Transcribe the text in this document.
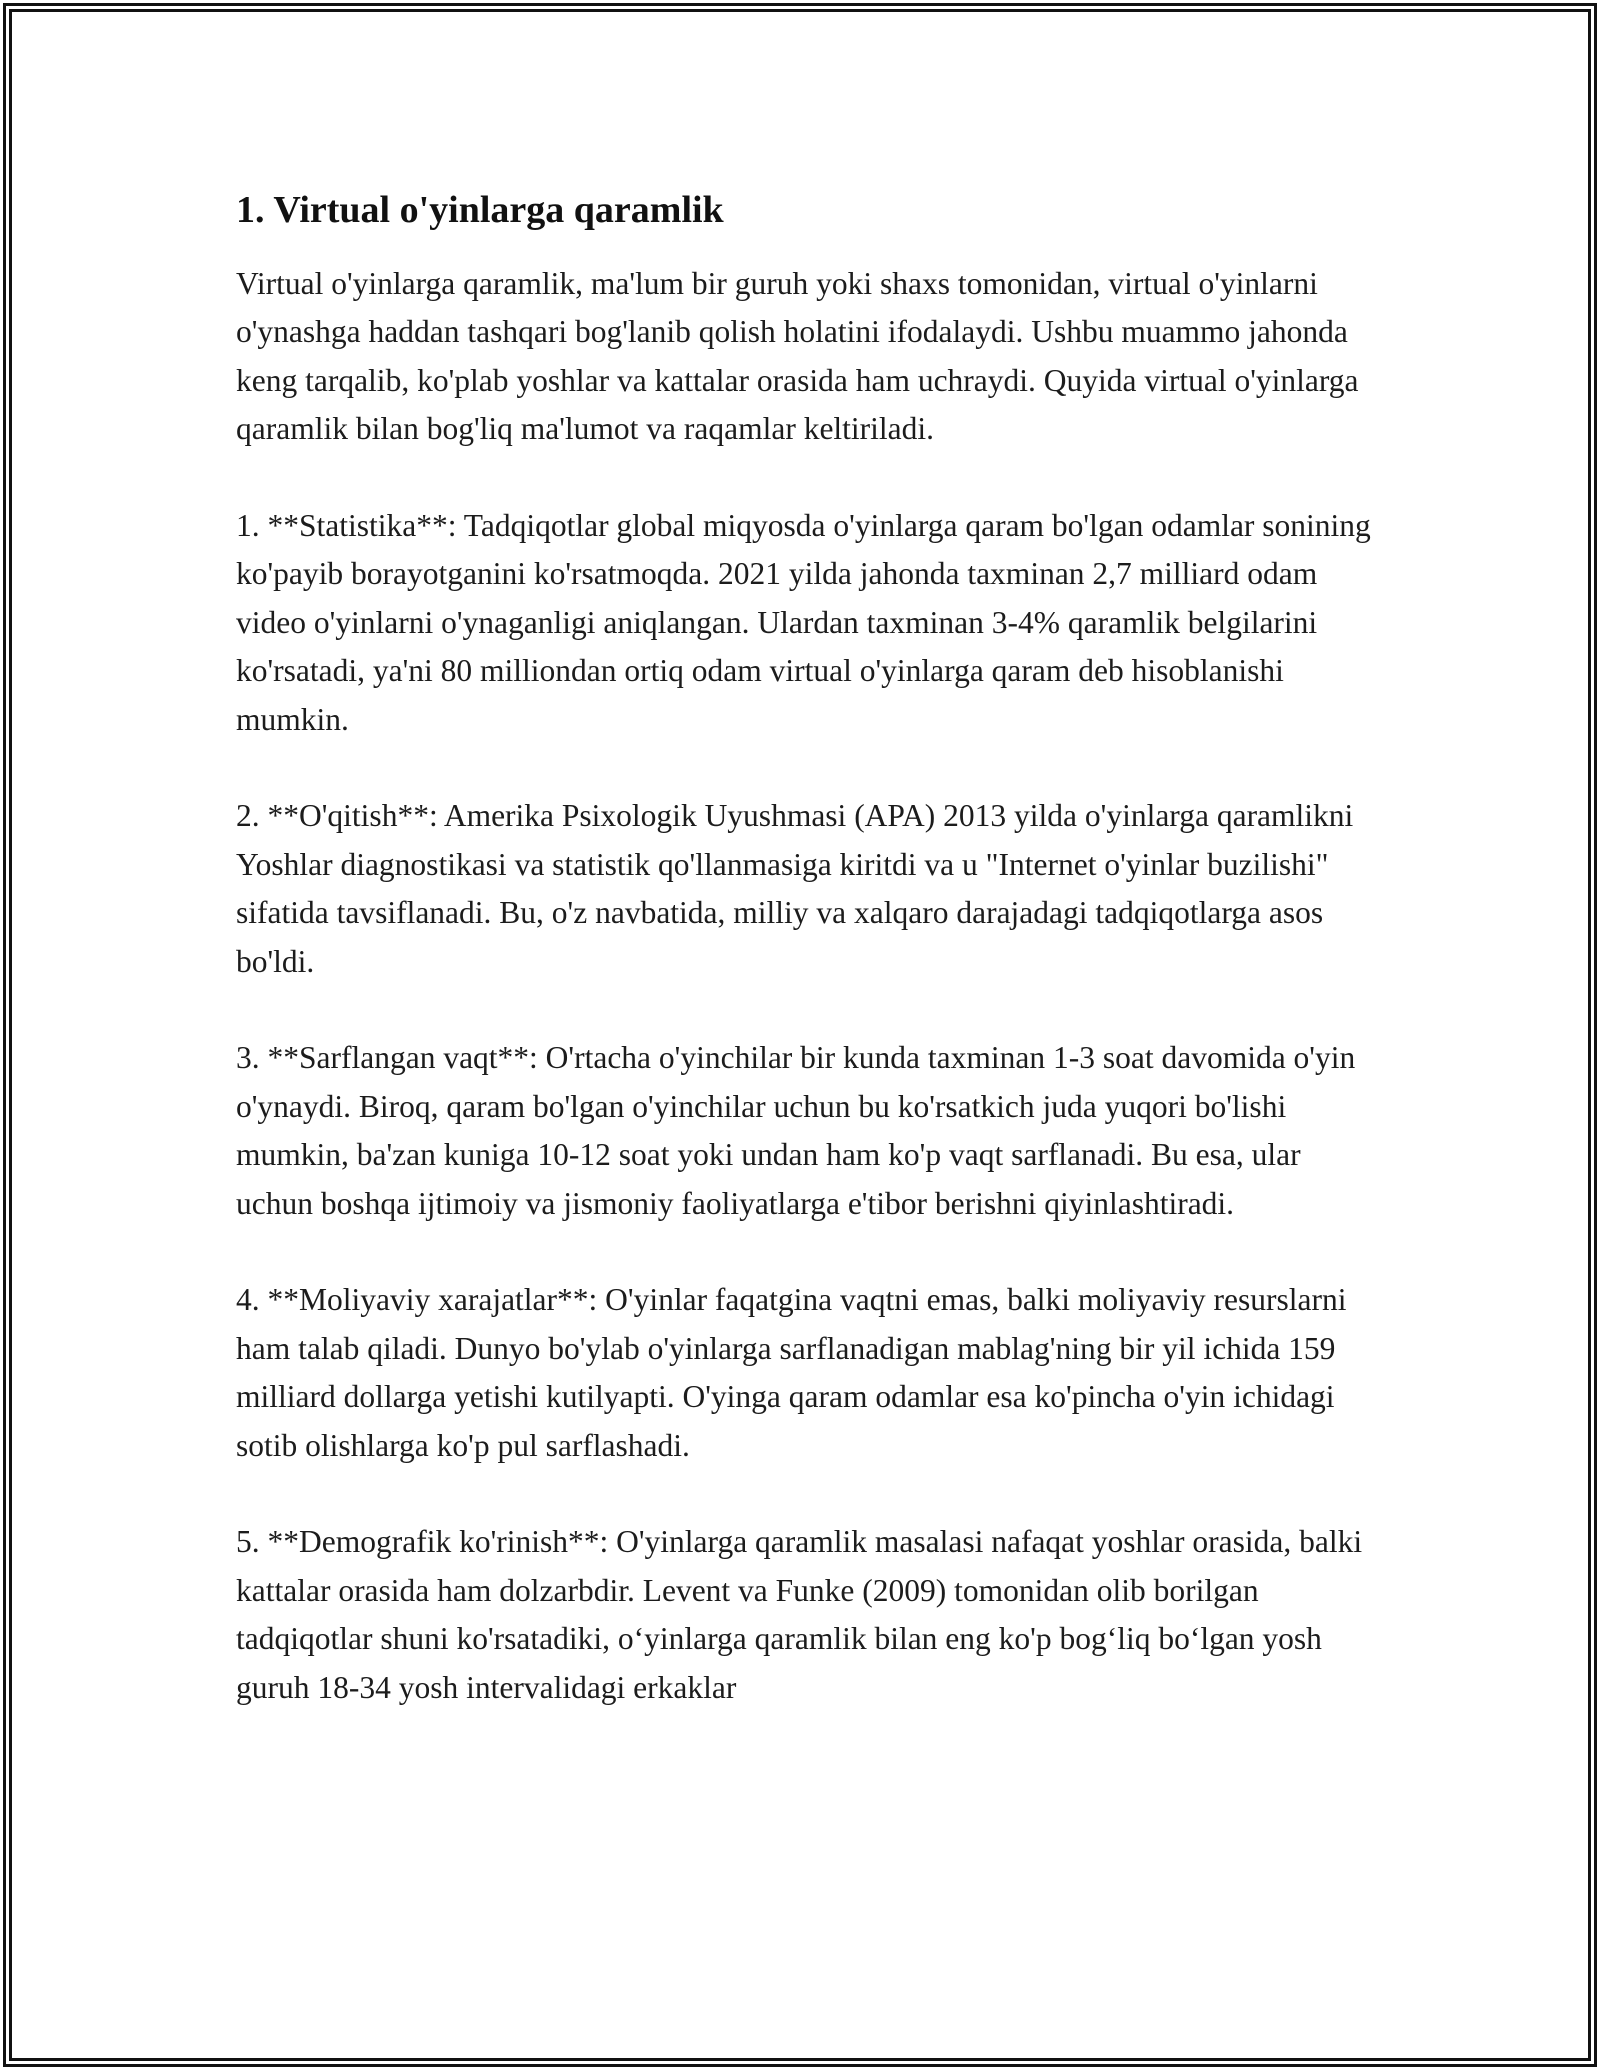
1. Virtual o'yinlarga qaramlik

Virtual o'yinlarga qaramlik, ma'lum bir guruh yoki shaxs tomonidan, virtual o'yinlarni o'ynashga haddan tashqari bog'lanib qolish holatini ifodalaydi. Ushbu muammo jahonda keng tarqalib, ko'plab yoshlar va kattalar orasida ham uchraydi. Quyida virtual o'yinlarga qaramlik bilan bog'liq ma'lumot va raqamlar keltiriladi.

1. **Statistika**: Tadqiqotlar global miqyosda o'yinlarga qaram bo'lgan odamlar sonining ko'payib borayotganini ko'rsatmoqda. 2021 yilda jahonda taxminan 2,7 milliard odam video o'yinlarni o'ynaganligi aniqlangan. Ulardan taxminan 3-4% qaramlik belgilarini ko'rsatadi, ya'ni 80 milliondan ortiq odam virtual o'yinlarga qaram deb hisoblanishi mumkin.

2. **O'qitish**: Amerika Psixologik Uyushmasi (APA) 2013 yilda o'yinlarga qaramlikni Yoshlar diagnostikasi va statistik qo'llanmasiga kiritdi va u "Internet o'yinlar buzilishi" sifatida tavsiflanadi. Bu, o'z navbatida, milliy va xalqaro darajadagi tadqiqotlarga asos bo'ldi.

3. **Sarflangan vaqt**: O'rtacha o'yinchilar bir kunda taxminan 1-3 soat davomida o'yin o'ynaydi. Biroq, qaram bo'lgan o'yinchilar uchun bu ko'rsatkich juda yuqori bo'lishi mumkin, ba'zan kuniga 10-12 soat yoki undan ham ko'p vaqt sarflanadi. Bu esa, ular uchun boshqa ijtimoiy va jismoniy faoliyatlarga e'tibor berishni qiyinlashtiradi.

4. **Moliyaviy xarajatlar**: O'yinlar faqatgina vaqtni emas, balki moliyaviy resurslarni ham talab qiladi. Dunyo bo'ylab o'yinlarga sarflanadigan mablag'ning bir yil ichida 159 milliard dollarga yetishi kutilyapti. O'yinga qaram odamlar esa ko'pincha o'yin ichidagi sotib olishlarga ko'p pul sarflashadi.

5. **Demografik ko'rinish**: O'yinlarga qaramlik masalasi nafaqat yoshlar orasida, balki kattalar orasida ham dolzarbdir. Levent va Funke (2009) tomonidan olib borilgan tadqiqotlar shuni ko'rsatadiki, o‘yinlarga qaramlik bilan eng ko'p bog‘liq bo‘lgan yosh guruh 18-34 yosh intervalidagi erkaklar
